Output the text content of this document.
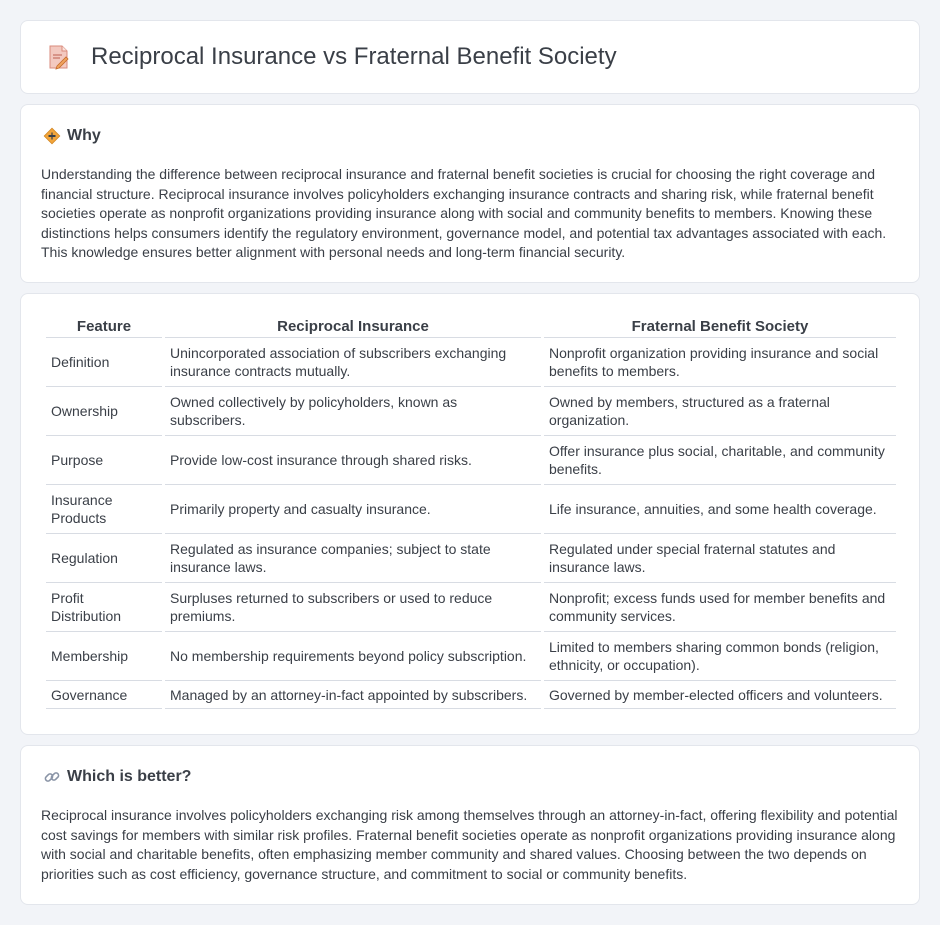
Reciprocal Insurance vs Fraternal Benefit Society
Why

Understanding the difference between reciprocal insurance and fraternal benefit societies is crucial for choosing the right coverage and financial structure. Reciprocal insurance involves policyholders exchanging insurance contracts and sharing risk, while fraternal benefit societies operate as nonprofit organizations providing insurance along with social and community benefits to members. Knowing these distinctions helps consumers identify the regulatory environment, governance model, and potential tax advantages associated with each. This knowledge ensures better alignment with personal needs and long-term financial security.

Feature	Reciprocal Insurance	Fraternal Benefit Society
Definition	Unincorporated association of subscribers exchanging insurance contracts mutually.	Nonprofit organization providing insurance and social benefits to members.
Ownership	Owned collectively by policyholders, known as subscribers.	Owned by members, structured as a fraternal organization.
Purpose	Provide low-cost insurance through shared risks.	Offer insurance plus social, charitable, and community benefits.
Insurance Products	Primarily property and casualty insurance.	Life insurance, annuities, and some health coverage.
Regulation	Regulated as insurance companies; subject to state insurance laws.	Regulated under special fraternal statutes and insurance laws.
Profit Distribution	Surpluses returned to subscribers or used to reduce premiums.	Nonprofit; excess funds used for member benefits and community services.
Membership	No membership requirements beyond policy subscription.	Limited to members sharing common bonds (religion, ethnicity, or occupation).
Governance	Managed by an attorney-in-fact appointed by subscribers.	Governed by member-elected officers and volunteers.
Which is better?

Reciprocal insurance involves policyholders exchanging risk among themselves through an attorney-in-fact, offering flexibility and potential cost savings for members with similar risk profiles. Fraternal benefit societies operate as nonprofit organizations providing insurance along with social and charitable benefits, often emphasizing member community and shared values. Choosing between the two depends on priorities such as cost efficiency, governance structure, and commitment to social or community benefits.
